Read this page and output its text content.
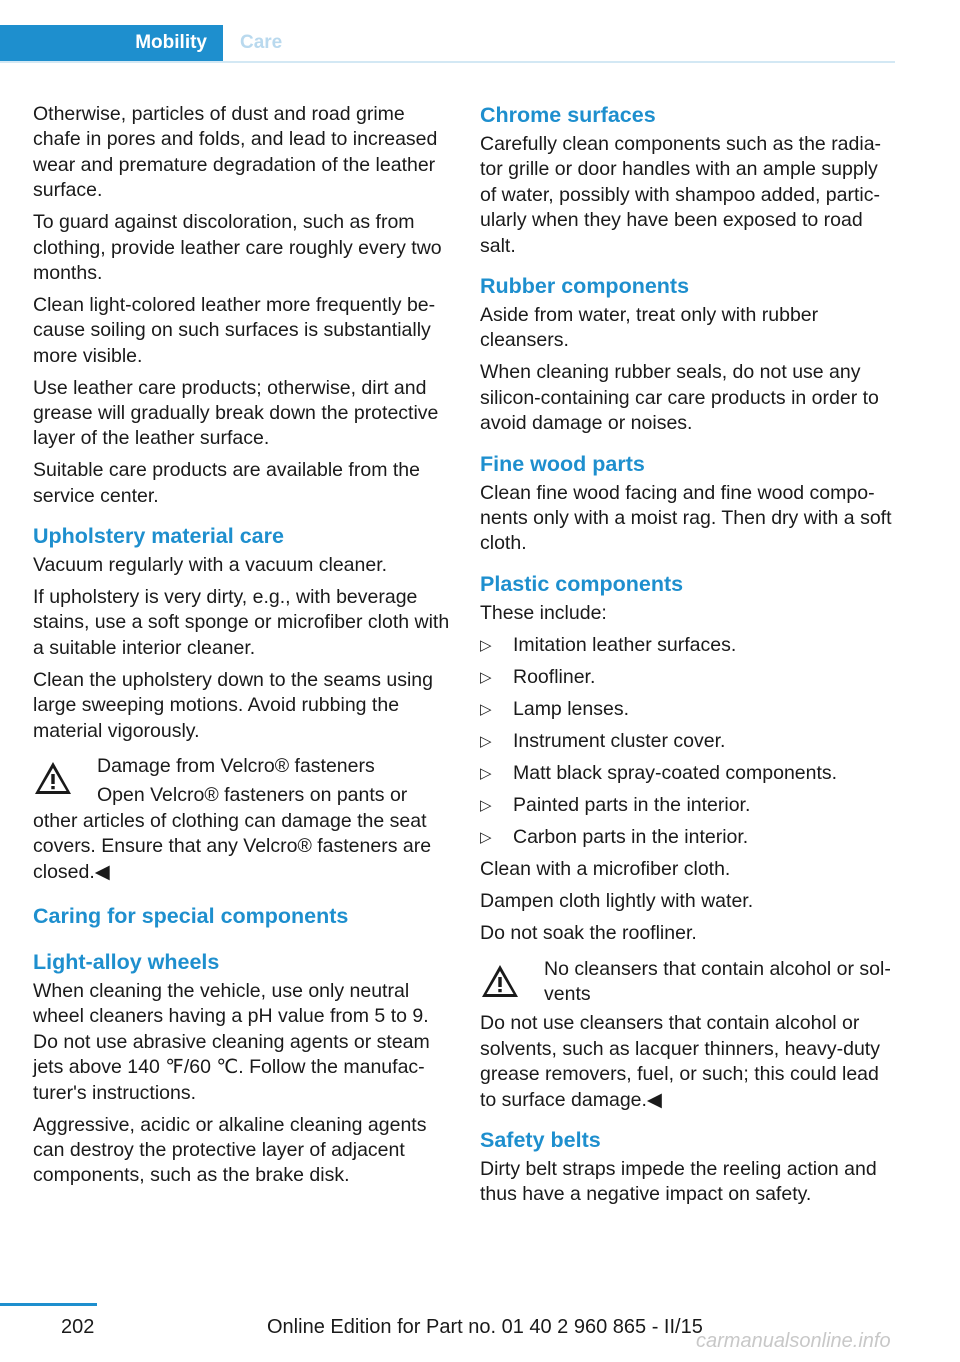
Mobility	Care

Otherwise, particles of dust and road grime chafe in pores and folds, and lead to increased wear and premature degradation of the leather surface.

To guard against discoloration, such as from clothing, provide leather care roughly every two months.

Clean light-colored leather more frequently be-cause soiling on such surfaces is substantially more visible.

Use leather care products; otherwise, dirt and grease will gradually break down the protective layer of the leather surface.

Suitable care products are available from the service center.

Upholstery material care

Vacuum regularly with a vacuum cleaner.

If upholstery is very dirty, e.g., with beverage stains, use a soft sponge or microfiber cloth with a suitable interior cleaner.

Clean the upholstery down to the seams using large sweeping motions. Avoid rubbing the material vigorously.

Damage from Velcro® fasteners

Open Velcro® fasteners on pants or

other articles of clothing can damage the seat covers. Ensure that any Velcro® fasteners are closed.◀

Caring for special components
Light-alloy wheels

When cleaning the vehicle, use only neutral wheel cleaners having a pH value from 5 to 9. Do not use abrasive cleaning agents or steam jets above 140 ℉/60 ℃. Follow the manufac-turer's instructions.

Aggressive, acidic or alkaline cleaning agents can destroy the protective layer of adjacent components, such as the brake disk.

Chrome surfaces

Carefully clean components such as the radia-tor grille or door handles with an ample supply of water, possibly with shampoo added, partic-ularly when they have been exposed to road salt.

Rubber components

Aside from water, treat only with rubber cleansers.

When cleaning rubber seals, do not use any silicon-containing car care products in order to avoid damage or noises.

Fine wood parts

Clean fine wood facing and fine wood compo-nents only with a moist rag. Then dry with a soft cloth.

Plastic components

These include:

▷ Imitation leather surfaces.
▷ Roofliner.
▷ Lamp lenses.
▷ Instrument cluster cover.
▷ Matt black spray-coated components.
▷ Painted parts in the interior.
▷ Carbon parts in the interior.

Clean with a microfiber cloth.

Dampen cloth lightly with water.

Do not soak the roofliner.

No cleansers that contain alcohol or sol-vents

Do not use cleansers that contain alcohol or solvents, such as lacquer thinners, heavy-duty grease removers, fuel, or such; this could lead to surface damage.◀

Safety belts

Dirty belt straps impede the reeling action and thus have a negative impact on safety.

202	Online Edition for Part no. 01 40 2 960 865 - II/15
carmanualsonline.info
